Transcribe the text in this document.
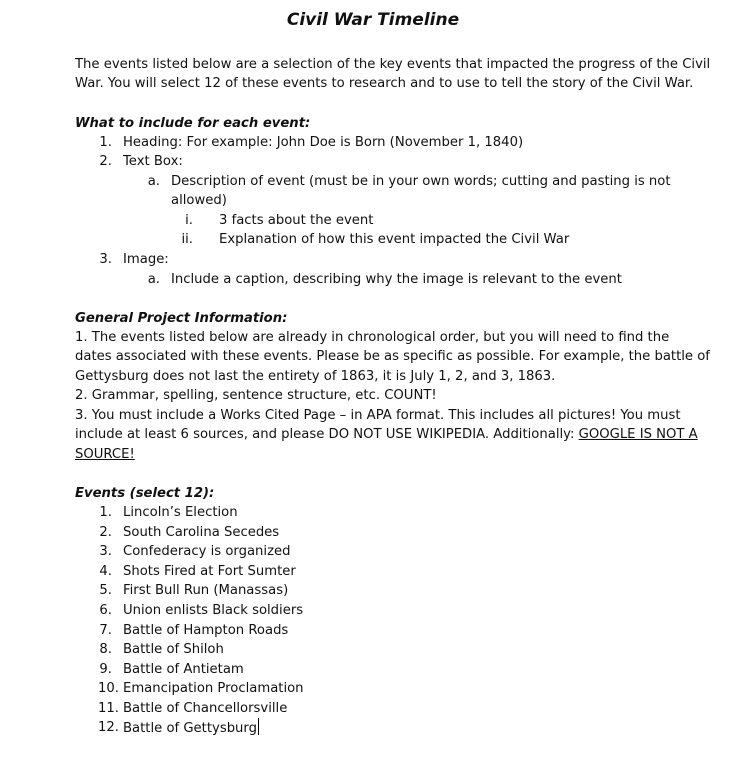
Civil War Timeline
The events listed below are a selection of the key events that impacted the progress of the Civil
War. You will select 12 of these events to research and to use to tell the story of the Civil War.
What to include for each event:
1. Heading: For example: John Doe is Born (November 1, 1840)
2. Text Box:
a. Description of event (must be in your own words; cutting and pasting is not
allowed)
i. 3 facts about the event
ii. Explanation of how this event impacted the Civil War
3. Image:
a. Include a caption, describing why the image is relevant to the event
General Project Information:
1. The events listed below are already in chronological order, but you will need to find the
dates associated with these events. Please be as specific as possible. For example, the battle of
Gettysburg does not last the entirety of 1863, it is July 1, 2, and 3, 1863.
2. Grammar, spelling, sentence structure, etc. COUNT!
3. You must include a Works Cited Page – in APA format. This includes all pictures! You must
include at least 6 sources, and please DO NOT USE WIKIPEDIA. Additionally: GOOGLE IS NOT A
SOURCE!
Events (select 12):
1. Lincoln’s Election
2. South Carolina Secedes
3. Confederacy is organized
4. Shots Fired at Fort Sumter
5. First Bull Run (Manassas)
6. Union enlists Black soldiers
7. Battle of Hampton Roads
8. Battle of Shiloh
9. Battle of Antietam
10. Emancipation Proclamation
11. Battle of Chancellorsville
12. Battle of Gettysburg
